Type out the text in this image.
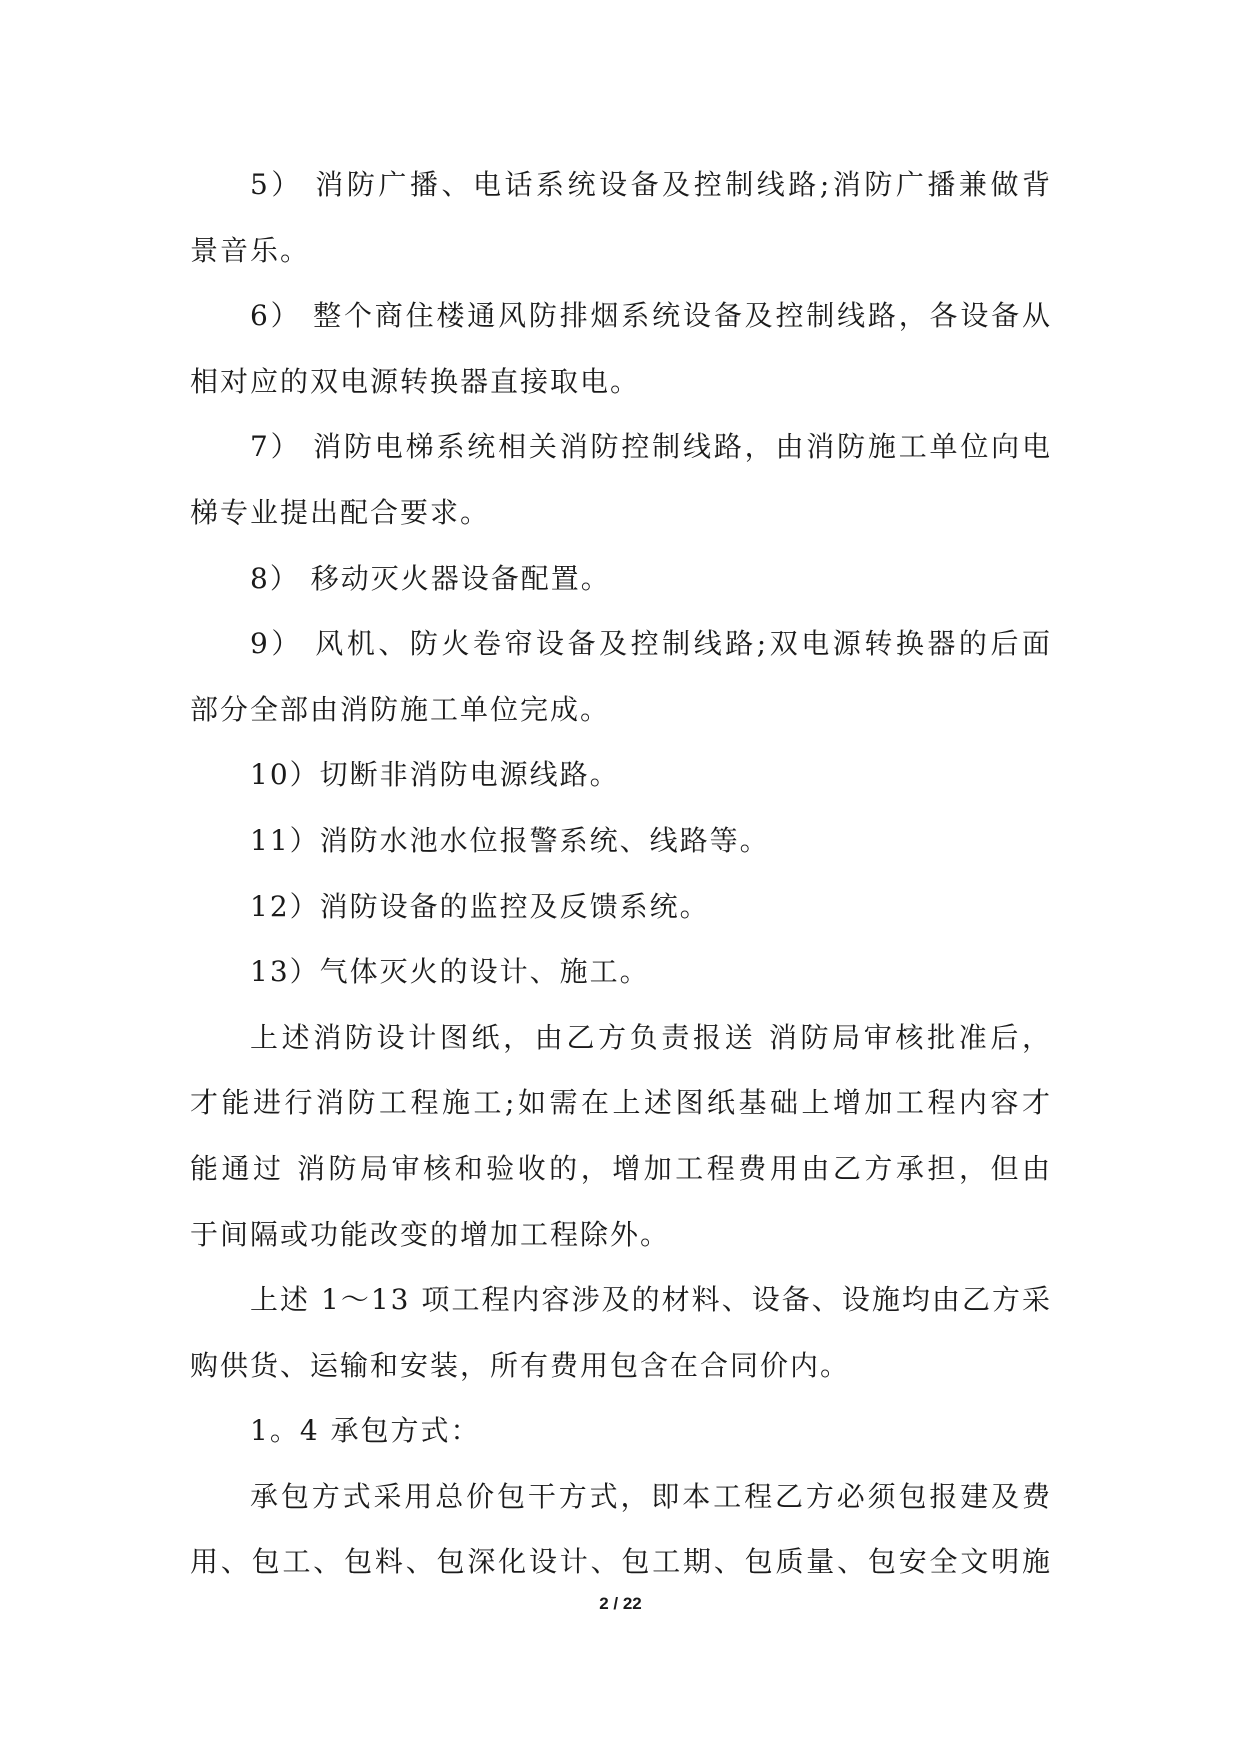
5） 消防广播、电话系统设备及控制线路;消防广播兼做背
景音乐。
6） 整个商住楼通风防排烟系统设备及控制线路，各设备从
相对应的双电源转换器直接取电。
7） 消防电梯系统相关消防控制线路，由消防施工单位向电
梯专业提出配合要求。
8） 移动灭火器设备配置。
9） 风机、防火卷帘设备及控制线路;双电源转换器的后面
部分全部由消防施工单位完成。
10）切断非消防电源线路。
11）消防水池水位报警系统、线路等。
12）消防设备的监控及反馈系统。
13）气体灭火的设计、施工。
上述消防设计图纸，由乙方负责报送 消防局审核批准后，
才能进行消防工程施工;如需在上述图纸基础上增加工程内容才
能通过 消防局审核和验收的，增加工程费用由乙方承担，但由
于间隔或功能改变的增加工程除外。
上述 1～13 项工程内容涉及的材料、设备、设施均由乙方采
购供货、运输和安装，所有费用包含在合同价内。
1。4 承包方式：
承包方式采用总价包干方式，即本工程乙方必须包报建及费
用、包工、包料、包深化设计、包工期、包质量、包安全文明施
2 / 22
